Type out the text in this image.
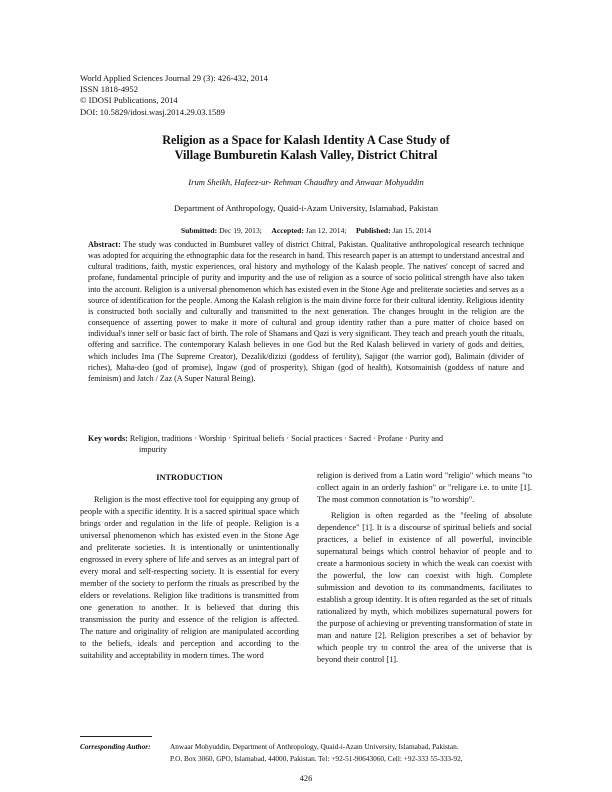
World Applied Sciences Journal 29 (3): 426-432, 2014
ISSN 1818-4952
© IDOSI Publications, 2014
DOI: 10.5829/idosi.wasj.2014.29.03.1589
Religion as a Space for Kalash Identity A Case Study of
Village Bumburetin Kalash Valley, District Chitral
Irum Sheikh, Hafeez-ur- Rehman Chaudhry and Anwaar Mohyuddin
Department of Anthropology, Quaid-i-Azam University, Islamabad, Pakistan
Submitted: Dec 19, 2013; Accepted: Jan 12, 2014; Published: Jan 15, 2014
Abstract: The study was conducted in Bumburet valley of district Chitral, Pakistan. Qualitative anthropological research technique was adopted for acquiring the ethnographic data for the research in hand. This research paper is an attempt to understand ancestral and cultural traditions, faith, mystic experiences, oral history and mythology of the Kalash people. The natives' concept of sacred and profane, fundamental principle of purity and impurity and the use of religion as a source of socio political strength have also taken into the account. Religion is a universal phenomenon which has existed even in the Stone Age and preliterate societies and serves as a source of identification for the people. Among the Kalash religion is the main divine force for their cultural identity. Religious identity is constructed both socially and culturally and transmitted to the next generation. The changes brought in the religion are the consequence of asserting power to make it more of cultural and group identity rather than a pure matter of choice based on individual's inner self or basic fact of birth. The role of Shamans and Qazi is very significant. They teach and preach youth the rituals, offering and sacrifice. The contemporary Kalash believes in one God but the Red Kalash believed in variety of gods and deities, which includes Ima (The Supreme Creator), Dezalik/dizizi (goddess of fertility), Sajigor (the warrior god), Balimain (divider of riches), Maha-deo (god of promise), Ingaw (god of prosperity), Shigan (god of health), Kotsomainish (goddess of nature and feminism) and Jatch / Zaz (A Super Natural Being).
Key words: Religion, traditions · Worship · Spiritual beliefs · Social practices · Sacred · Profane · Purity and
impurity
INTRODUCTION

Religion is the most effective tool for equipping any group of people with a specific identity. It is a sacred spiritual space which brings order and regulation in the life of people. Religion is a universal phenomenon which has existed even in the Stone Age and preliterate societies. It is intentionally or unintentionally engrossed in every sphere of life and serves as an integral part of every moral and self-respecting society. It is essential for every member of the society to perform the rituals as prescribed by the elders or revelations. Religion like traditions is transmitted from one generation to another. It is believed that during this transmission the purity and essence of the religion is affected. The nature and originality of religion are manipulated according to the beliefs, ideals and perception and according to the suitability and acceptability in modern times. The word

religion is derived from a Latin word "religio" which means "to collect again in an orderly fashion" or "religare i.e. to unite [1]. The most common connotation is "to worship".

Religion is often regarded as the "feeling of absolute dependence" [1]. It is a discourse of spiritual beliefs and social practices, a belief in existence of all powerful, invincible supernatural beings which control behavior of people and to create a harmonious society in which the weak can coexist with the powerful, the low can coexist with high. Complete submission and devotion to its commandments, facilitates to establish a group identity. It is often regarded as the set of rituals rationalized by myth, which mobilizes supernatural powers for the purpose of achieving or preventing transformation of state in man and nature [2]. Religion prescribes a set of behavior by which people try to control the area of the universe that is beyond their control [1].

Corresponding Author:	Anwaar Mohyuddin, Department of Anthropology, Quaid-i-Azam University, Islamabad, Pakistan.
P.O. Box 3060, GPO, Islamabad, 44000, Pakistan. Tel: +92-51-90643060, Cell: +92-333 55-333-92,
426
